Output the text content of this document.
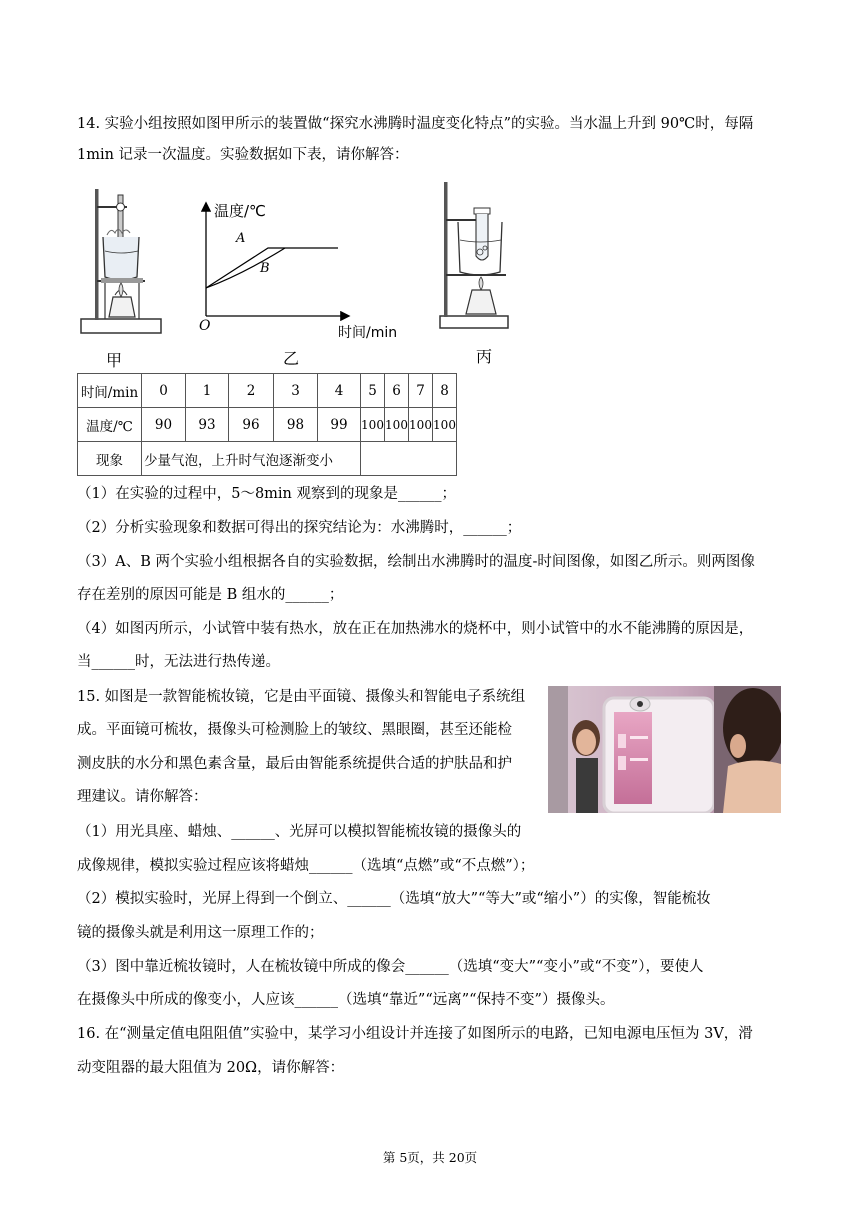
14. 实验小组按照如图甲所示的装置做“探究水沸腾时温度变化特点”的实验。当水温上升到 90℃时，每隔
1min 记录一次温度。实验数据如下表，请你解答：
温度/℃
时间/min
O
A
B
甲	乙	丙
时间/min	0	1	2	3	4	5	6	7	8
温度/℃	90	93	96	98	99	100	100	100	100
现象	少量气泡，上升时气泡逐渐变小								
（1）在实验的过程中，5～8min 观察到的现象是______；
（2）分析实验现象和数据可得出的探究结论为：水沸腾时，______；
（3）A、B 两个实验小组根据各自的实验数据，绘制出水沸腾时的温度-时间图像，如图乙所示。则两图像
存在差别的原因可能是 B 组水的______；
（4）如图丙所示，小试管中装有热水，放在正在加热沸水的烧杯中，则小试管中的水不能沸腾的原因是，
当______时，无法进行热传递。
15. 如图是一款智能梳妆镜，它是由平面镜、摄像头和智能电子系统组
成。平面镜可梳妆，摄像头可检测脸上的皱纹、黑眼圈，甚至还能检
测皮肤的水分和黑色素含量，最后由智能系统提供合适的护肤品和护
理建议。请你解答：
（1）用光具座、蜡烛、______、光屏可以模拟智能梳妆镜的摄像头的
成像规律，模拟实验过程应该将蜡烛______（选填“点燃”或“不点燃”）；
（2）模拟实验时，光屏上得到一个倒立、______（选填“放大”“等大”或“缩小”）的实像，智能梳妆
镜的摄像头就是利用这一原理工作的；
（3）图中靠近梳妆镜时，人在梳妆镜中所成的像会______（选填“变大”“变小”或“不变”），要使人
在摄像头中所成的像变小，人应该______（选填“靠近”“远离”“保持不变”）摄像头。
16. 在“测量定值电阻阻值”实验中，某学习小组设计并连接了如图所示的电路，已知电源电压恒为 3V，滑
动变阻器的最大阻值为 20Ω，请你解答：
第 5页，共 20页
